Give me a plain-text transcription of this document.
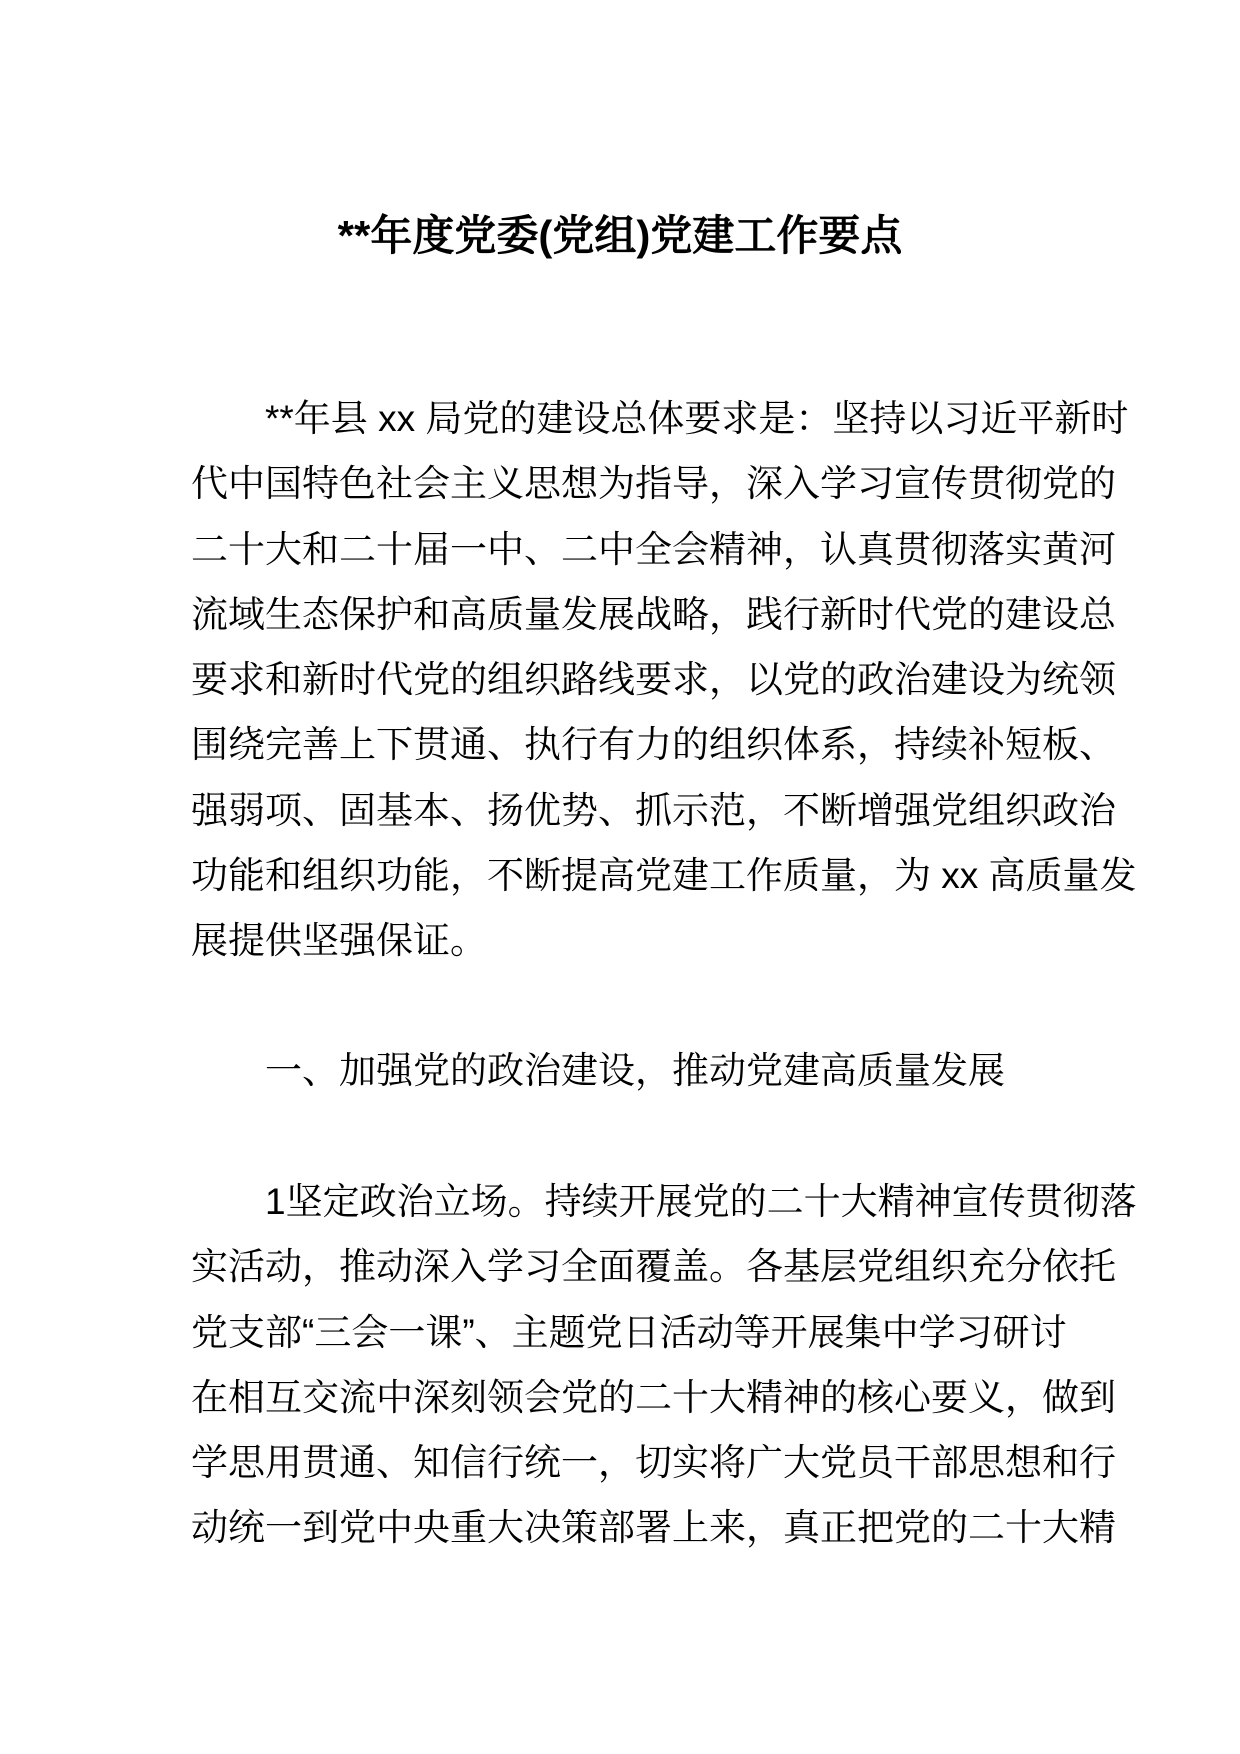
**年度党委(党组)党建工作要点
**年县 xx 局党的建设总体要求是：坚持以习近平新时
代中国特色社会主义思想为指导，深入学习宣传贯彻党的
二十大和二十届一中、二中全会精神，认真贯彻落实黄河
流域生态保护和高质量发展战略，践行新时代党的建设总
要求和新时代党的组织路线要求，以党的政治建设为统领
围绕完善上下贯通、执行有力的组织体系，持续补短板、
强弱项、固基本、扬优势、抓示范，不断增强党组织政治
功能和组织功能，不断提高党建工作质量，为 xx 高质量发
展提供坚强保证。
一、加强党的政治建设，推动党建高质量发展
1坚定政治立场。持续开展党的二十大精神宣传贯彻落
实活动，推动深入学习全面覆盖。各基层党组织充分依托
党支部“三会一课”、主题党日活动等开展集中学习研讨
在相互交流中深刻领会党的二十大精神的核心要义，做到
学思用贯通、知信行统一，切实将广大党员干部思想和行
动统一到党中央重大决策部署上来，真正把党的二十大精
